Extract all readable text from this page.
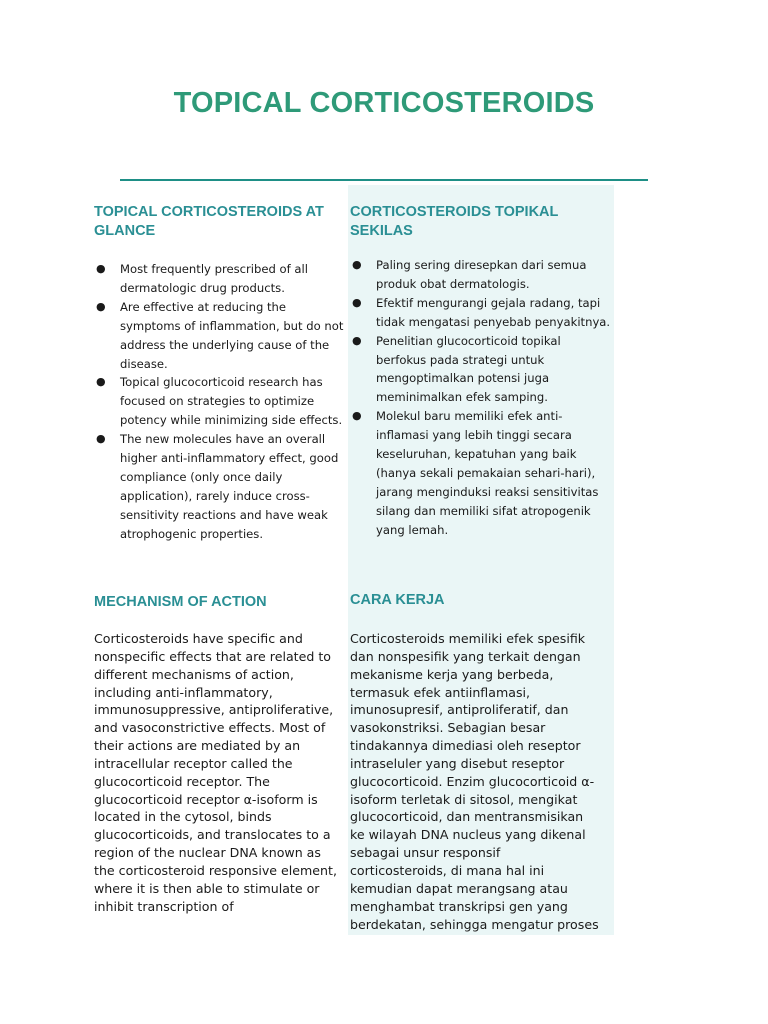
TOPICAL CORTICOSTEROIDS
TOPICAL CORTICOSTEROIDS AT GLANCE
● Most frequently prescribed of all dermatologic drug products.
● Are effective at reducing the symptoms of inflammation, but do not address the underlying cause of the disease.
● Topical glucocorticoid research has focused on strategies to optimize potency while minimizing side effects.
● The new molecules have an overall higher anti-inflammatory effect, good compliance (only once daily application), rarely induce cross-sensitivity reactions and have weak atrophogenic properties.
MECHANISM OF ACTION

Corticosteroids have specific and nonspecific effects that are related to different mechanisms of action, including anti-inflammatory, immunosuppressive, antiproliferative, and vasoconstrictive effects. Most of their actions are mediated by an intracellular receptor called the glucocorticoid receptor. The glucocorticoid receptor α-isoform is located in the cytosol, binds glucocorticoids, and translocates to a region of the nuclear DNA known as the corticosteroid responsive element, where it is then able to stimulate or inhibit transcription of

CORTICOSTEROIDS TOPIKAL SEKILAS
● Paling sering diresepkan dari semua produk obat dermatologis.
● Efektif mengurangi gejala radang, tapi tidak mengatasi penyebab penyakitnya.
● Penelitian glucocorticoid topikal berfokus pada strategi untuk mengoptimalkan potensi juga meminimalkan efek samping.
● Molekul baru memiliki efek anti-inflamasi yang lebih tinggi secara keseluruhan, kepatuhan yang baik (hanya sekali pemakaian sehari-hari), jarang menginduksi reaksi sensitivitas silang dan memiliki sifat atropogenik yang lemah.
CARA KERJA

Corticosteroids memiliki efek spesifik dan nonspesifik yang terkait dengan mekanisme kerja yang berbeda, termasuk efek antiinflamasi, imunosupresif, antiproliferatif, dan vasokonstriksi. Sebagian besar tindakannya dimediasi oleh reseptor intraseluler yang disebut reseptor glucocorticoid. Enzim glucocorticoid α-isoform terletak di sitosol, mengikat glucocorticoid, dan mentransmisikan ke wilayah DNA nucleus yang dikenal sebagai unsur responsif corticosteroids, di mana hal ini kemudian dapat merangsang atau menghambat transkripsi gen yang berdekatan, sehingga mengatur proses
